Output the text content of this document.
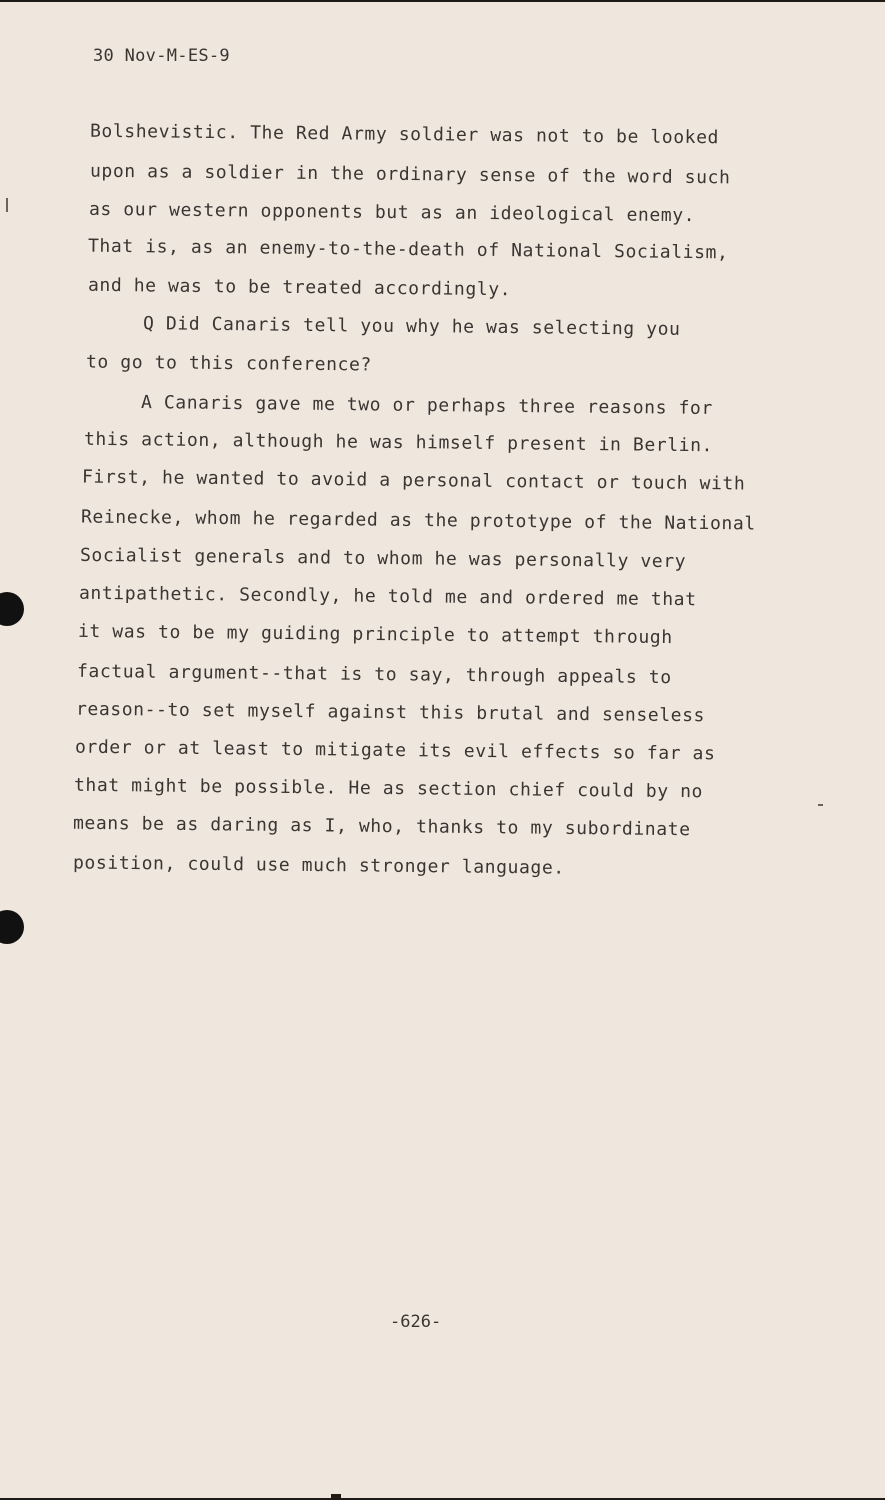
30 Nov-M-ES-9
Bolshevistic. The Red Army soldier was not to be looked
upon as a soldier in the ordinary sense of the word such
as our western opponents but as an ideological enemy.
That is, as an enemy-to-the-death of National Socialism,
and he was to be treated accordingly.
Q Did Canaris tell you why he was selecting you
to go to this conference?
A Canaris gave me two or perhaps three reasons for
this action, although he was himself present in Berlin.
First, he wanted to avoid a personal contact or touch with
Reinecke, whom he regarded as the prototype of the National
Socialist generals and to whom he was personally very
antipathetic. Secondly, he told me and ordered me that
it was to be my guiding principle to attempt through
factual argument--that is to say, through appeals to
reason--to set myself against this brutal and senseless
order or at least to mitigate its evil effects so far as
that might be possible. He as section chief could by no
means be as daring as I, who, thanks to my subordinate
position, could use much stronger language.
-626-
